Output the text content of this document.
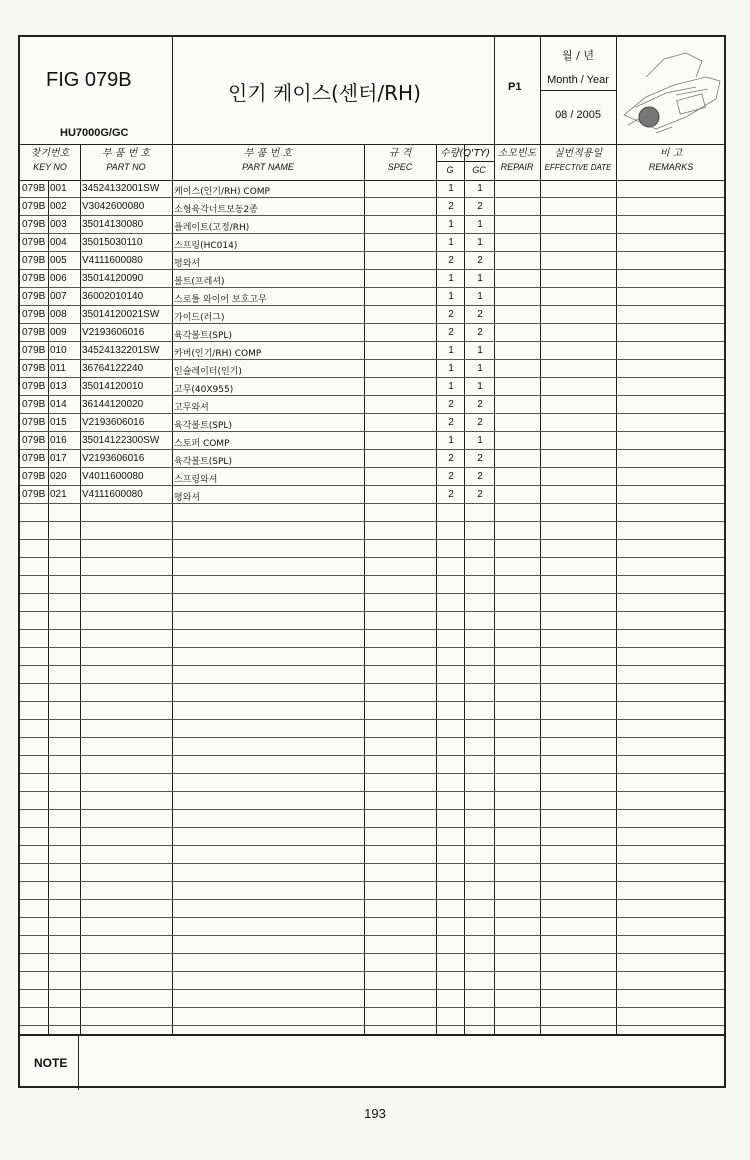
FIG 079B
HU7000G/GC
인기 케이스(센터/RH)	P1
월 / 년
Month / Year
08 / 2005
찾기번호
KEY NO
부 품 번 호
PART NO
부 품 번 호
PART NAME
규 격
SPEC
수량(Q'TY)
G	GC
소모빈도
REPAIR
실번적용일
EFFECTIVE DATE
비 고
REMARKS
079B 001 34524132001SW 케이스(인기/RH) COMP	1	1
079B 002 V3042600080	소형육각너트보동2종	2	2
079B 003 35014130080	플레이트(고정/RH)	1	1
079B 004 35015030110	스프링(HC014)	1	1
079B 005 V4111600080	평와셔	2	2
079B 006 35014120090	볼트(프레셔)	1	1
079B 007 36002010140	스로틀 와이어 보호고무	1	1
079B 008 35014120021SW 가이드(러그)	2	2
079B 009 V2193606016	육각볼트(SPL)	2	2
079B 010 34524132201SW 카버(인기/RH) COMP	1	1
079B 011 36764122240	인슐레이터(인기)	1	1
079B 013 35014120010	고무(40X955)	1	1
079B 014 36144120020	고무와셔	2	2
079B 015 V2193606016	육각볼트(SPL)	2	2
079B 016 35014122300SW 스토퍼 COMP	1	1
079B 017 V2193606016	육각볼트(SPL)	2	2
079B 020 V4011600080	스프링와셔	2	2
079B 021 V4111600080	평와셔	2	2
NOTE
193
